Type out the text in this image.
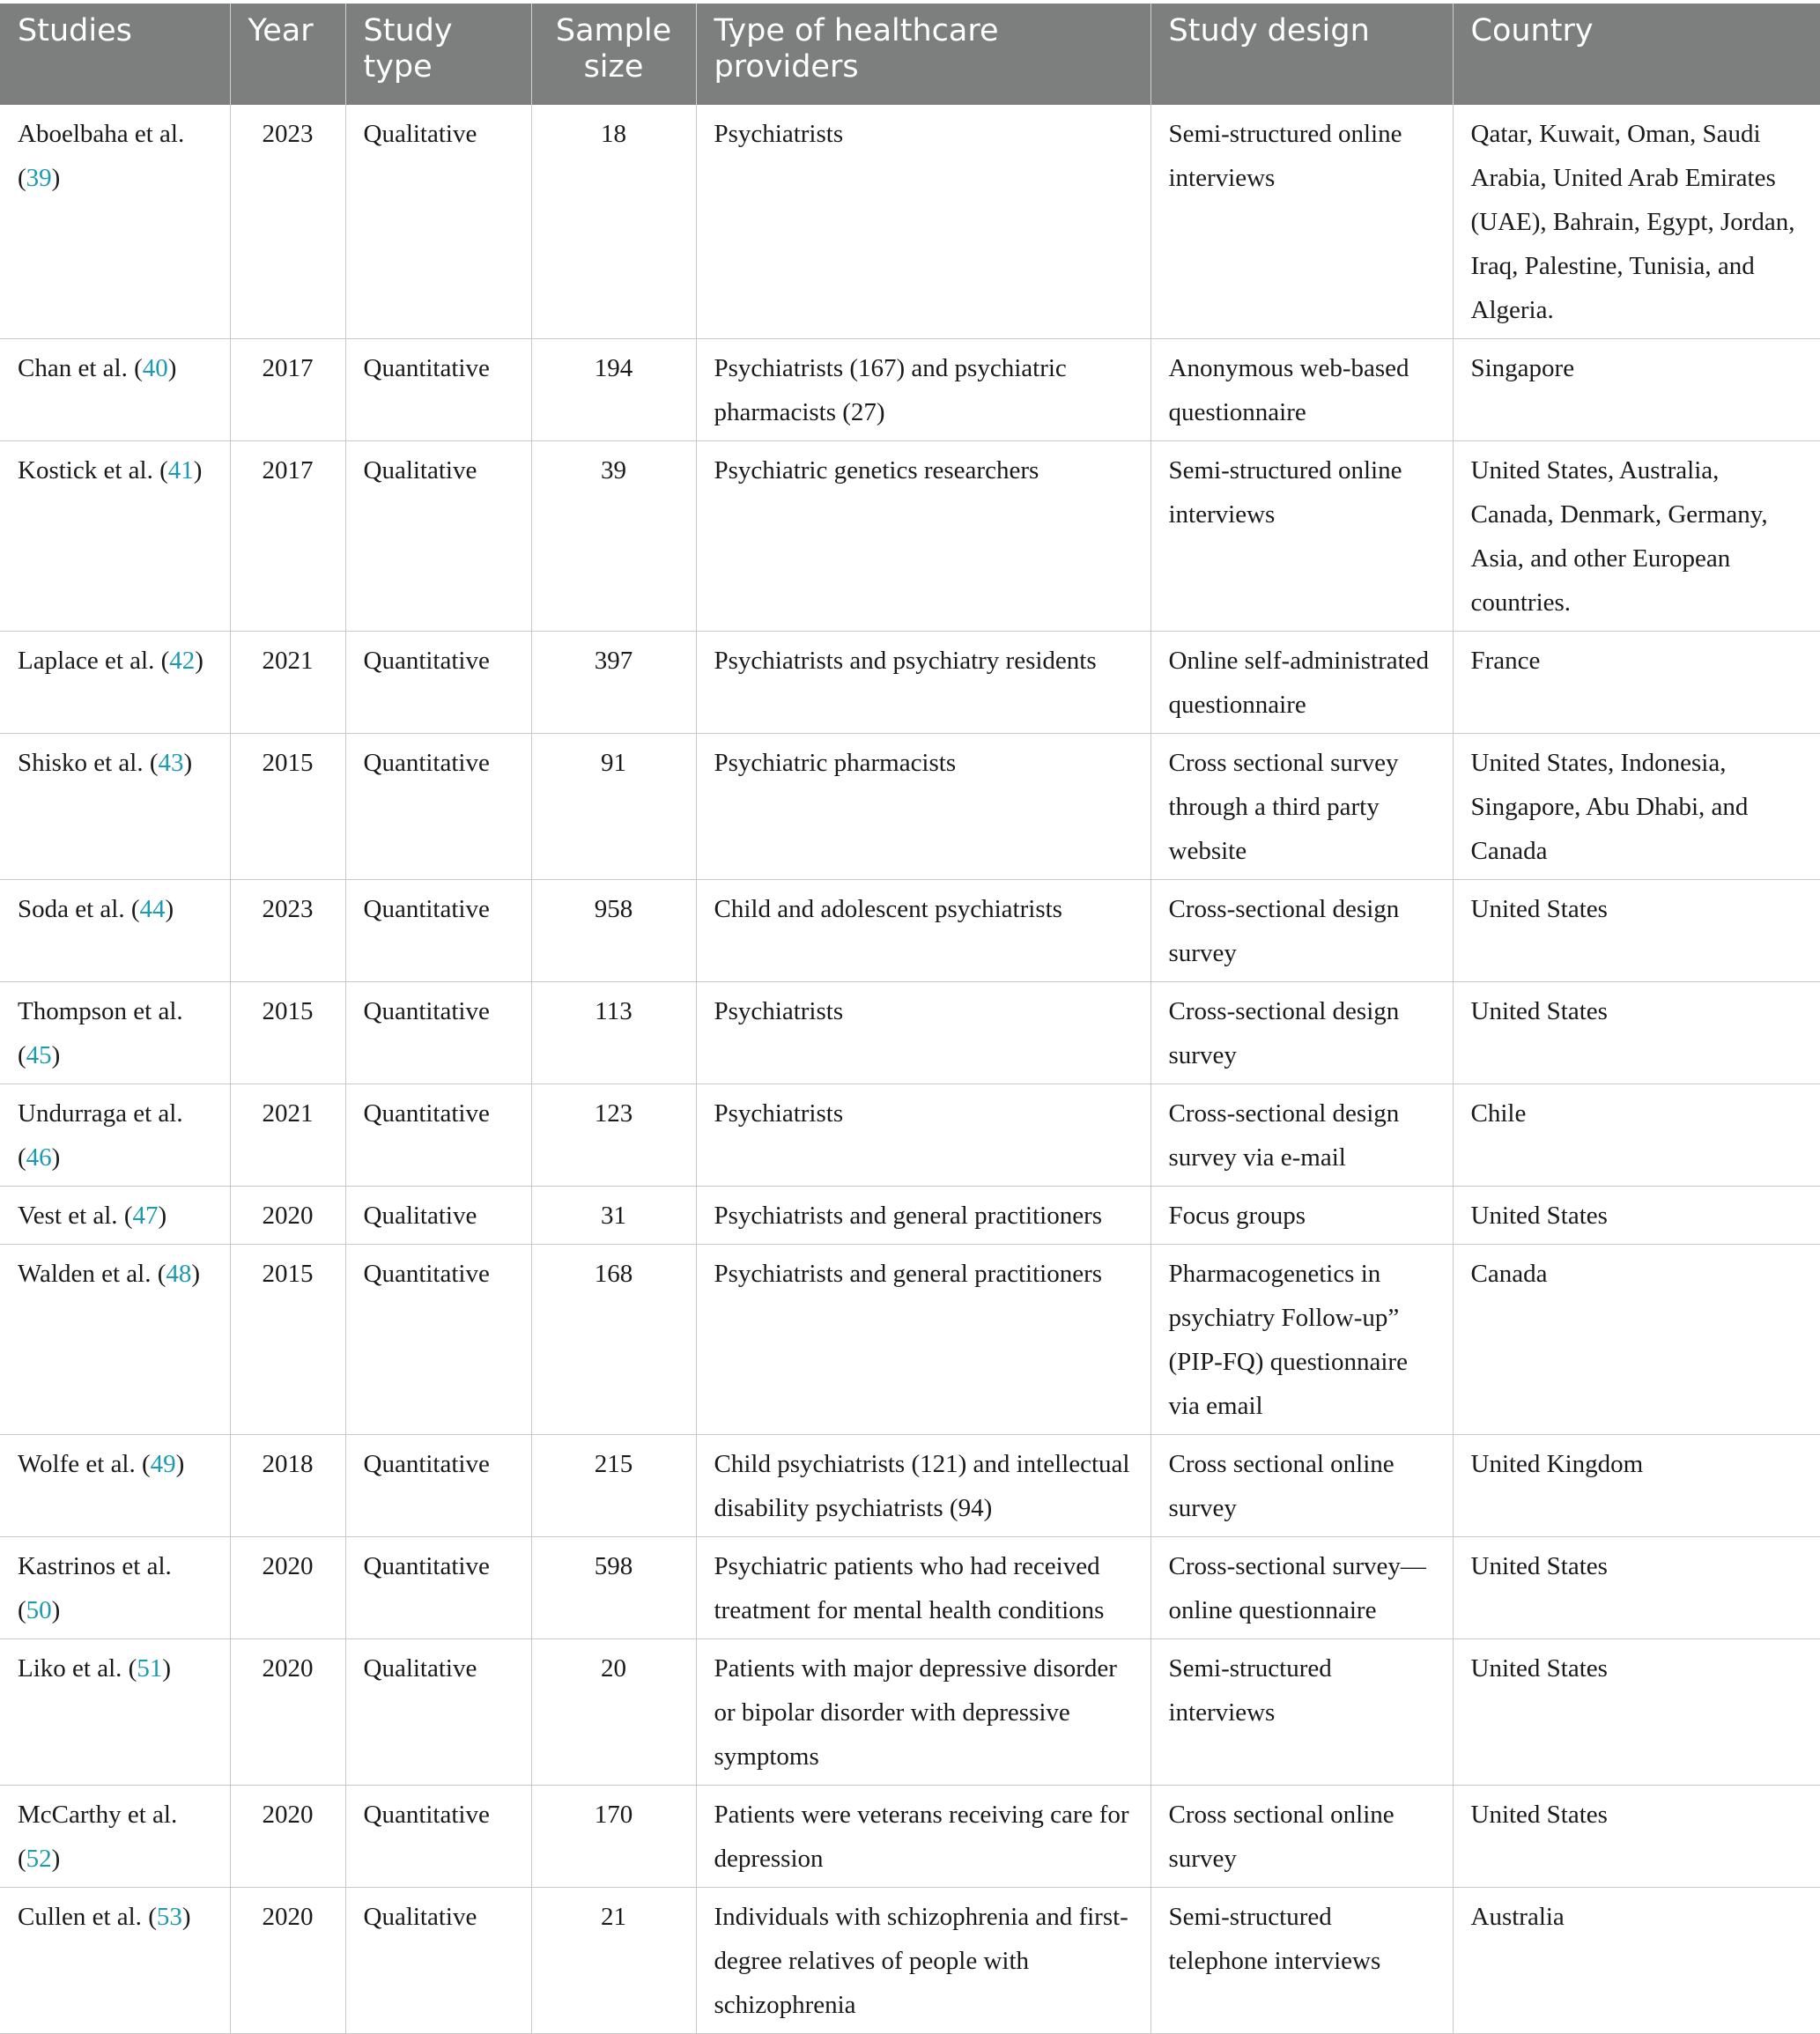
Studies	Year	Study type	Sample size	Type of healthcare providers	Study design	Country
Aboelbaha et al. (39)	2023	Qualitative	18	Psychiatrists	Semi-structured online interviews	Qatar, Kuwait, Oman, Saudi Arabia, United Arab Emirates (UAE), Bahrain, Egypt, Jordan, Iraq, Palestine, Tunisia, and Algeria.
Chan et al. (40)	2017	Quantitative	194	Psychiatrists (167) and psychiatric pharmacists (27)	Anonymous web-based questionnaire	Singapore
Kostick et al. (41)	2017	Qualitative	39	Psychiatric genetics researchers	Semi-structured online interviews	United States, Australia, Canada, Denmark, Germany, Asia, and other European countries.
Laplace et al. (42)	2021	Quantitative	397	Psychiatrists and psychiatry residents	Online self-administrated questionnaire	France
Shisko et al. (43)	2015	Quantitative	91	Psychiatric pharmacists	Cross sectional survey through a third party website	United States, Indonesia, Singapore, Abu Dhabi, and Canada
Soda et al. (44)	2023	Quantitative	958	Child and adolescent psychiatrists	Cross-sectional design survey	United States
Thompson et al. (45)	2015	Quantitative	113	Psychiatrists	Cross-sectional design survey	United States
Undurraga et al. (46)	2021	Quantitative	123	Psychiatrists	Cross-sectional design survey via e-mail	Chile
Vest et al. (47)	2020	Qualitative	31	Psychiatrists and general practitioners	Focus groups	United States
Walden et al. (48)	2015	Quantitative	168	Psychiatrists and general practitioners	Pharmacogenetics in psychiatry Follow-up” (PIP-FQ) questionnaire via email	Canada
Wolfe et al. (49)	2018	Quantitative	215	Child psychiatrists (121) and intellectual disability psychiatrists (94)	Cross sectional online survey	United Kingdom
Kastrinos et al. (50)	2020	Quantitative	598	Psychiatric patients who had received treatment for mental health conditions	Cross-sectional survey—online questionnaire	United States
Liko et al. (51)	2020	Qualitative	20	Patients with major depressive disorder or bipolar disorder with depressive symptoms	Semi-structured interviews	United States
McCarthy et al. (52)	2020	Quantitative	170	Patients were veterans receiving care for depression	Cross sectional online survey	United States
Cullen et al. (53)	2020	Qualitative	21	Individuals with schizophrenia and first-degree relatives of people with schizophrenia	Semi-structured telephone interviews	Australia
